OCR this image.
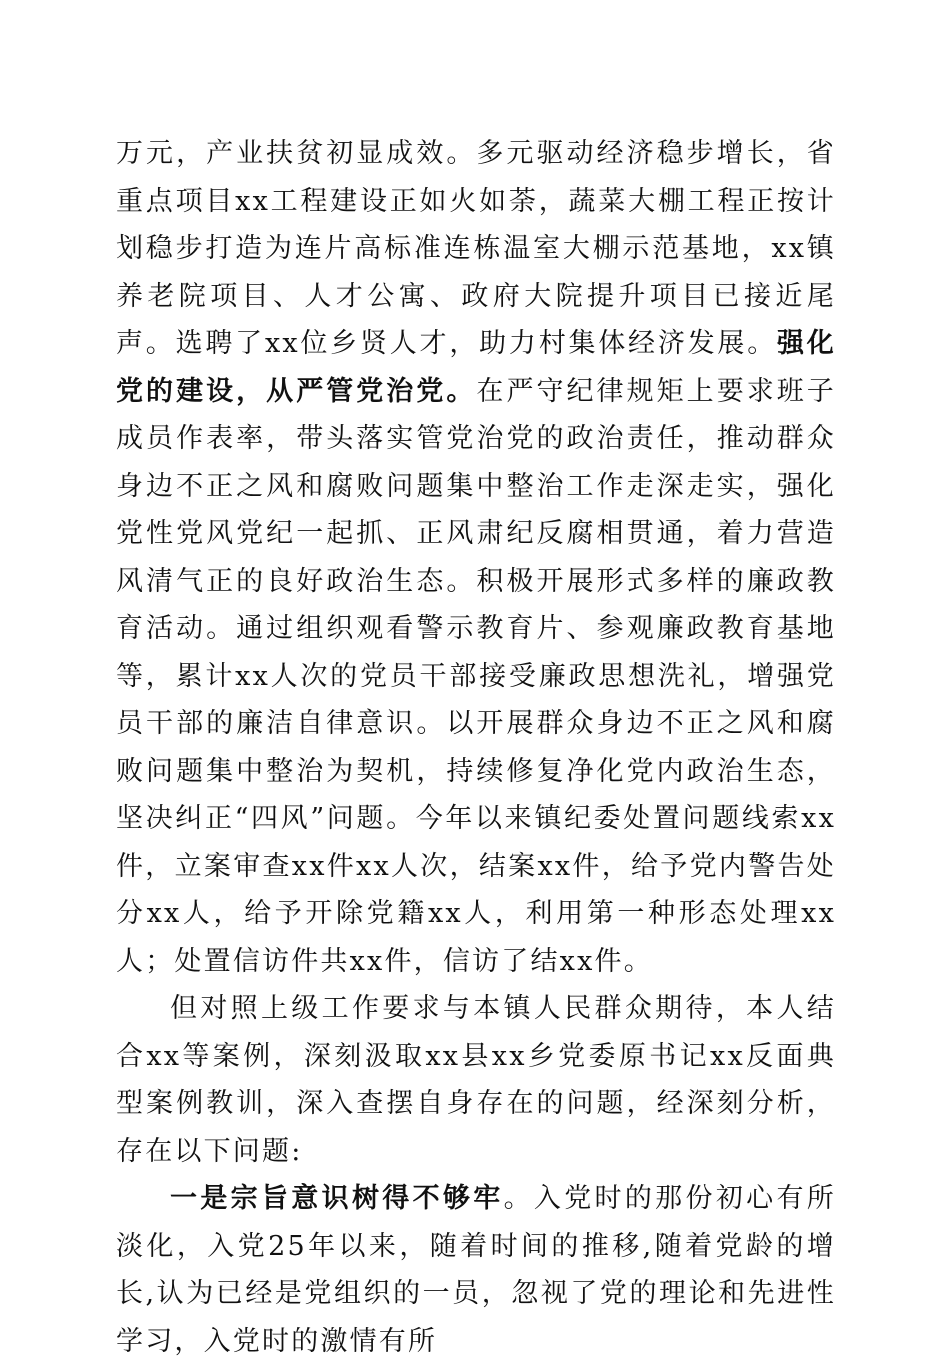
万元，产业扶贫初显成效。多元驱动经济稳步增长，省重点项目xx工程建设正如火如荼，蔬菜大棚工程正按计划稳步打造为连片高标准连栋温室大棚示范基地，xx镇养老院项目、人才公寓、政府大院提升项目已接近尾声。选聘了xx位乡贤人才，助力村集体经济发展。强化党的建设，从严管党治党。在严守纪律规矩上要求班子成员作表率，带头落实管党治党的政治责任，推动群众身边不正之风和腐败问题集中整治工作走深走实，强化党性党风党纪一起抓、正风肃纪反腐相贯通，着力营造风清气正的良好政治生态。积极开展形式多样的廉政教育活动。通过组织观看警示教育片、参观廉政教育基地等，累计xx人次的党员干部接受廉政思想洗礼，增强党员干部的廉洁自律意识。以开展群众身边不正之风和腐败问题集中整治为契机，持续修复净化党内政治生态，坚决纠正“四风”问题。今年以来镇纪委处置问题线索xx件，立案审查xx件xx人次，结案xx件，给予党内警告处分xx人，给予开除党籍xx人，利用第一种形态处理xx人；处置信访件共xx件，信访了结xx件。

但对照上级工作要求与本镇人民群众期待，本人结合xx等案例，深刻汲取xx县xx乡党委原书记xx反面典型案例教训，深入查摆自身存在的问题，经深刻分析，存在以下问题:

一是宗旨意识树得不够牢。入党时的那份初心有所淡化，入党25年以来，随着时间的推移,随着党龄的增长,认为已经是党组织的一员，忽视了党的理论和先进性学习，入党时的激情有所
